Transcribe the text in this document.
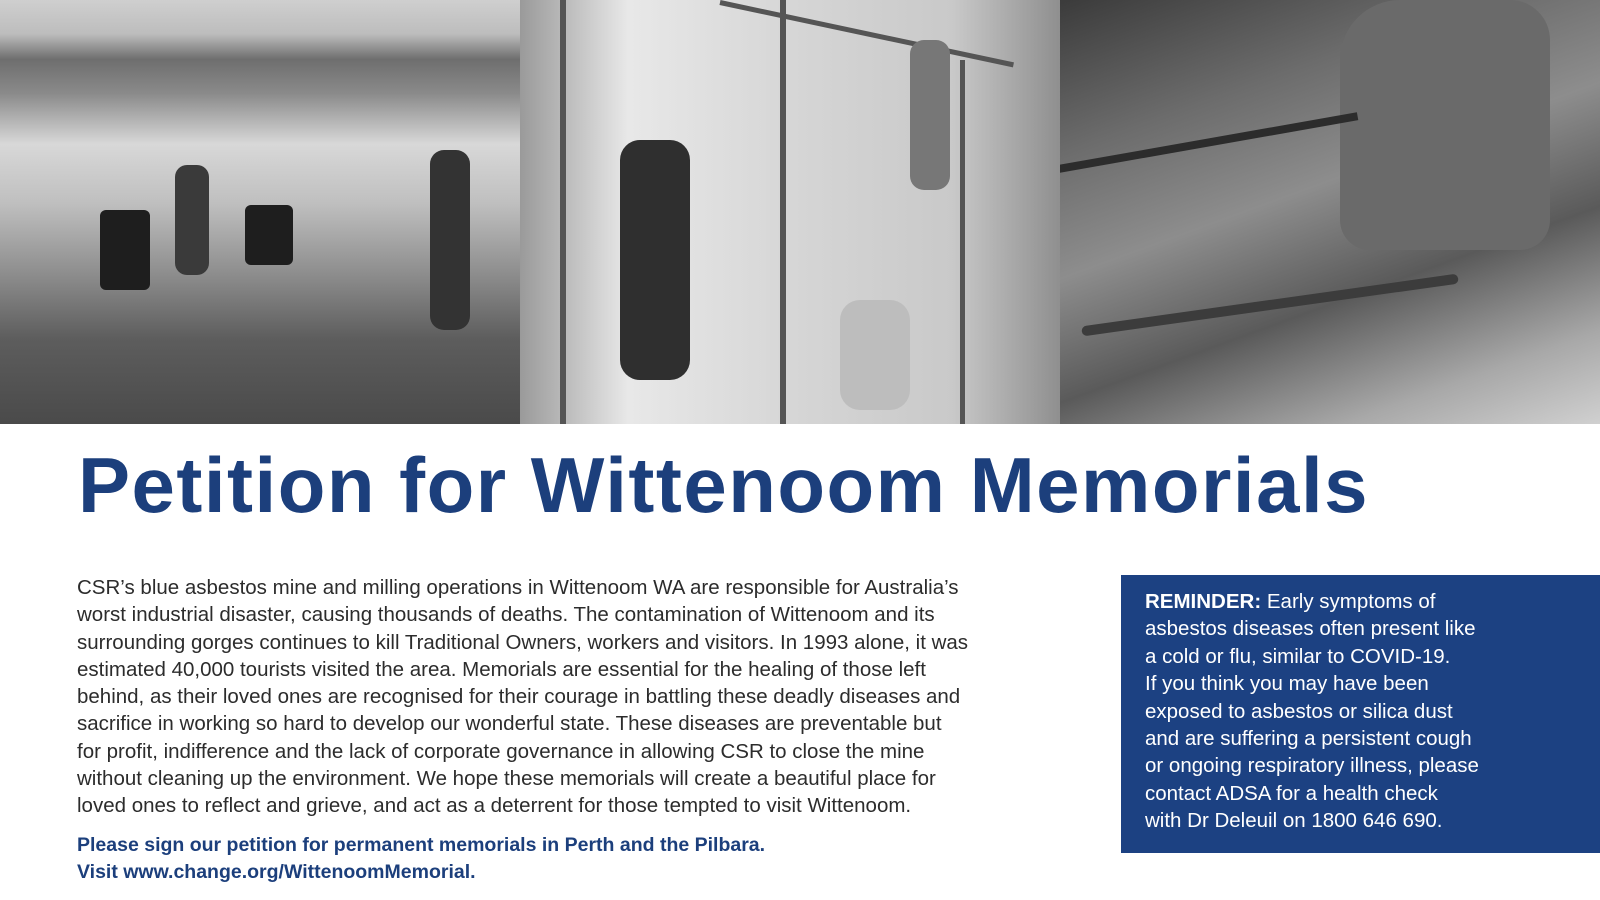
Petition for Wittenoom Memorials
CSR’s blue asbestos mine and milling operations in Wittenoom WA are responsible for Australia’s
worst industrial disaster, causing thousands of deaths. The contamination of Wittenoom and its
surrounding gorges continues to kill Traditional Owners, workers and visitors. In 1993 alone, it was
estimated 40,000 tourists visited the area. Memorials are essential for the healing of those left
behind, as their loved ones are recognised for their courage in battling these deadly diseases and
sacrifice in working so hard to develop our wonderful state. These diseases are preventable but
for profit, indifference and the lack of corporate governance in allowing CSR to close the mine
without cleaning up the environment. We hope these memorials will create a beautiful place for
loved ones to reflect and grieve, and act as a deterrent for those tempted to visit Wittenoom.
Please sign our petition for permanent memorials in Perth and the Pilbara.
Visit www.change.org/WittenoomMemorial.
REMINDER: Early symptoms of
asbestos diseases often present like
a cold or flu, similar to COVID-19.
If you think you may have been
exposed to asbestos or silica dust
and are suffering a persistent cough
or ongoing respiratory illness, please
contact ADSA for a health check
with Dr Deleuil on 1800 646 690.
